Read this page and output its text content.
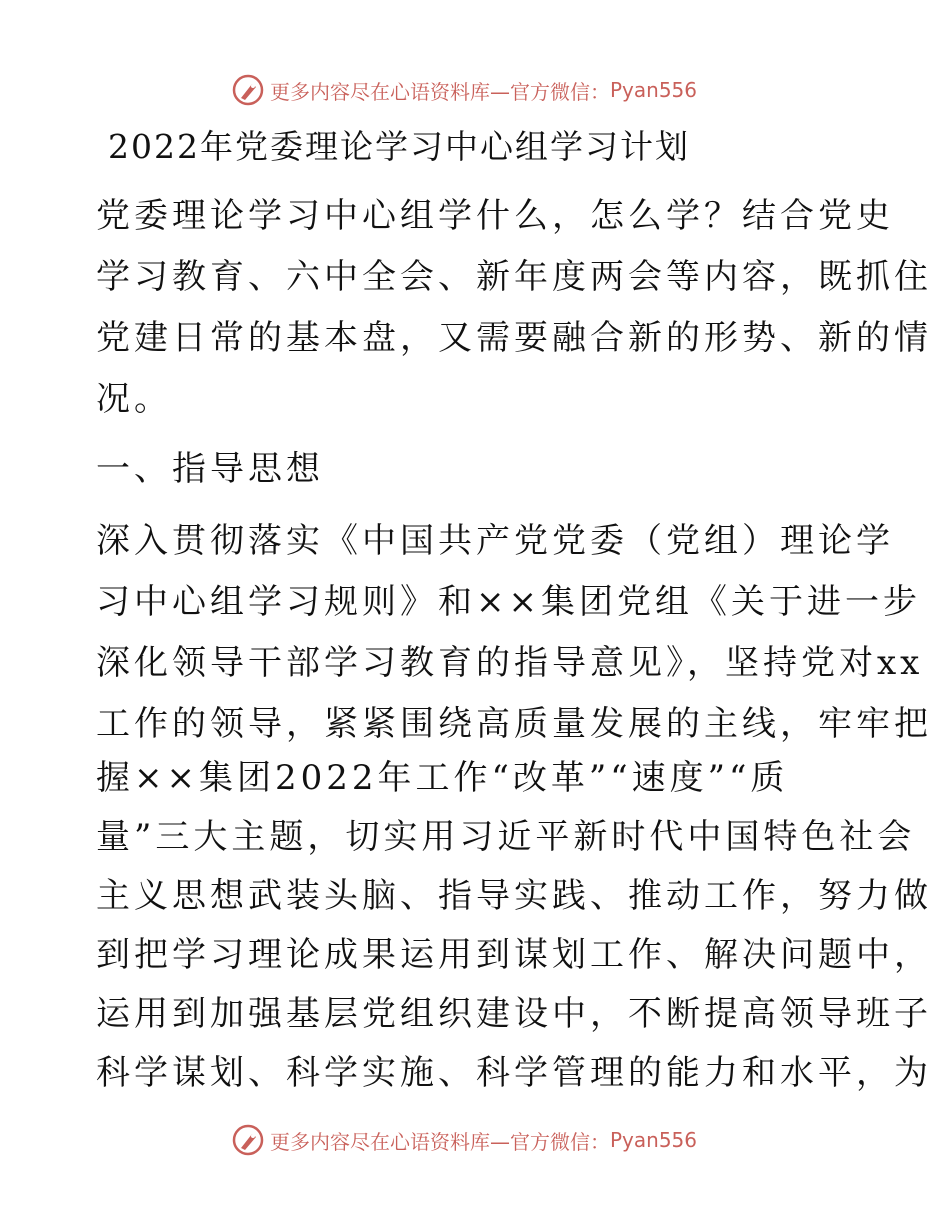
更多内容尽在心语资料库—官方微信： Pyan556
2022年党委理论学习中心组学习计划
党委理论学习中心组学什么，怎么学？结合党史
学习教育、六中全会、新年度两会等内容，既抓住
党建日常的基本盘，又需要融合新的形势、新的情
况。
一、指导思想
深入贯彻落实《中国共产党党委（党组）理论学
习中心组学习规则》和××集团党组《关于进一步
深化领导干部学习教育的指导意见》，坚持党对xx
工作的领导，紧紧围绕高质量发展的主线，牢牢把
握××集团2022年工作“改革”“速度”“质
量”三大主题，切实用习近平新时代中国特色社会
主义思想武装头脑、指导实践、推动工作，努力做
到把学习理论成果运用到谋划工作、解决问题中，
运用到加强基层党组织建设中，不断提高领导班子
科学谋划、科学实施、科学管理的能力和水平，为
更多内容尽在心语资料库—官方微信： Pyan556
